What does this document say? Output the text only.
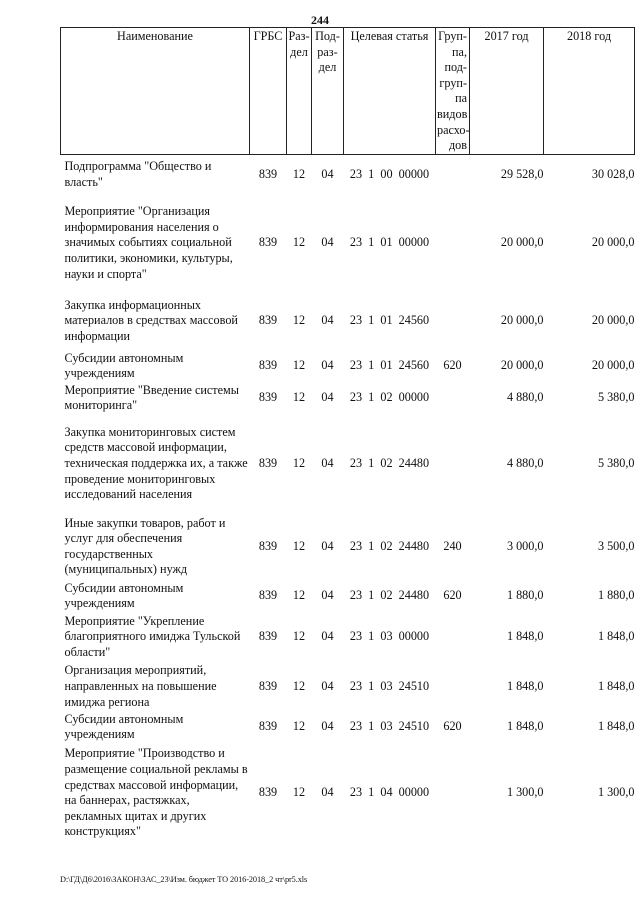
244
Наименование	ГРБС	Раз-дел	Под-раз-дел	Целевая статья	Груп-па, под-груп-па видов расхо-дов	2017 год	2018 год
Подпрограмма "Общество и власть"	839	12	04	23  1  00  00000		29 528,0	30 028,0
Мероприятие "Организация информирования населения о значимых событиях социальной политики, экономики, культуры, науки и спорта"	839	12	04	23  1  01  00000		20 000,0	20 000,0
Закупка информационных материалов в средствах массовой информации	839	12	04	23  1  01  24560		20 000,0	20 000,0
Субсидии автономным учреждениям	839	12	04	23  1  01  24560	620	20 000,0	20 000,0
Мероприятие "Введение системы мониторинга"	839	12	04	23  1  02  00000		4 880,0	5 380,0
Закупка мониторинговых систем средств массовой информации, техническая поддержка их, а также проведение мониторинговых исследований населения	839	12	04	23  1  02  24480		4 880,0	5 380,0
Иные закупки товаров, работ и услуг для обеспечения государственных (муниципальных) нужд	839	12	04	23  1  02  24480	240	3 000,0	3 500,0
Субсидии автономным учреждениям	839	12	04	23  1  02  24480	620	1 880,0	1 880,0
Мероприятие "Укрепление благоприятного имиджа Тульской области"	839	12	04	23  1  03  00000		1 848,0	1 848,0
Организация мероприятий, направленных на повышение имиджа региона	839	12	04	23  1  03  24510		1 848,0	1 848,0
Субсидии автономным учреждениям	839	12	04	23  1  03  24510	620	1 848,0	1 848,0
Мероприятие "Производство и размещение социальной рекламы в средствах массовой информации, на баннерах, растяжках, рекламных щитах и других конструкциях"	839	12	04	23  1  04  00000		1 300,0	1 300,0
D:\ГД\Д6\2016\ЗАКОН\ЗАС_23\Изм. бюджет ТО 2016-2018_2 чт\pr5.xls
